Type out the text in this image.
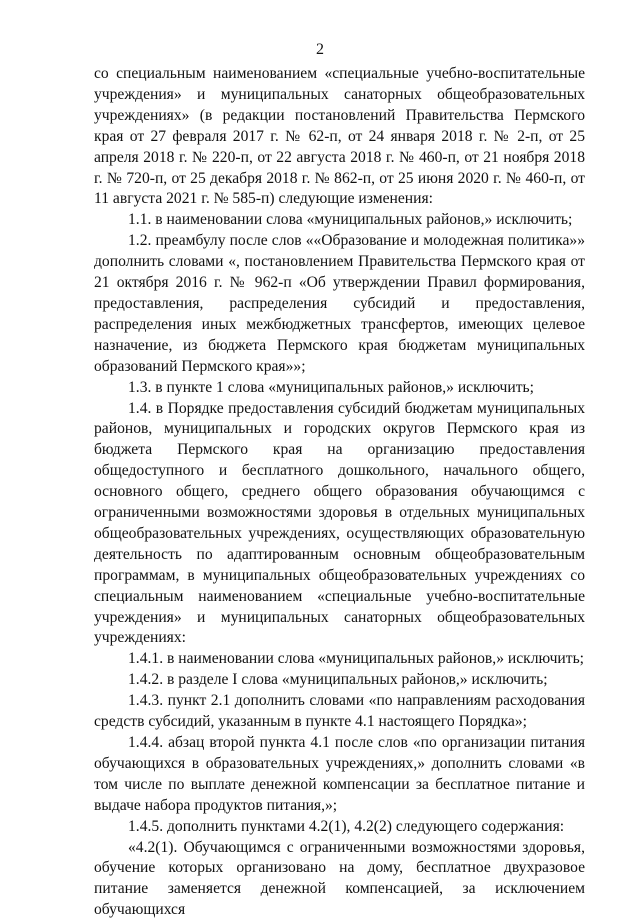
2

со специальным наименованием «специальные учебно-воспитательные учреждения» и муниципальных санаторных общеобразовательных учреждениях» (в редакции постановлений Правительства Пермского края от 27 февраля 2017 г. № 62-п, от 24 января 2018 г. № 2-п, от 25 апреля 2018 г. № 220-п, от 22 августа 2018 г. № 460-п, от 21 ноября 2018 г. № 720-п, от 25 декабря 2018 г. № 862-п, от 25 июня 2020 г. № 460-п, от 11 августа 2021 г. № 585-п) следующие изменения:

1.1. в наименовании слова «муниципальных районов,» исключить;

1.2. преамбулу после слов ««Образование и молодежная политика»» дополнить словами «, постановлением Правительства Пермского края от 21 октября 2016 г. № 962-п «Об утверждении Правил формирования, предоставления, распределения субсидий и предоставления, распределения иных межбюджетных трансфертов, имеющих целевое назначение, из бюджета Пермского края бюджетам муниципальных образований Пермского края»»;

1.3. в пункте 1 слова «муниципальных районов,» исключить;

1.4. в Порядке предоставления субсидий бюджетам муниципальных районов, муниципальных и городских округов Пермского края из бюджета Пермского края на организацию предоставления общедоступного и бесплатного дошкольного, начального общего, основного общего, среднего общего образования обучающимся с ограниченными возможностями здоровья в отдельных муниципальных общеобразовательных учреждениях, осуществляющих образовательную деятельность по адаптированным основным общеобразовательным программам, в муниципальных общеобразовательных учреждениях со специальным наименованием «специальные учебно-воспитательные учреждения» и муниципальных санаторных общеобразовательных учреждениях:

1.4.1. в наименовании слова «муниципальных районов,» исключить;

1.4.2. в разделе I слова «муниципальных районов,» исключить;

1.4.3. пункт 2.1 дополнить словами «по направлениям расходования средств субсидий, указанным в пункте 4.1 настоящего Порядка»;

1.4.4. абзац второй пункта 4.1 после слов «по организации питания обучающихся в образовательных учреждениях,» дополнить словами «в том числе по выплате денежной компенсации за бесплатное питание и выдаче набора продуктов питания,»;

1.4.5. дополнить пунктами 4.2(1), 4.2(2) следующего содержания:

«4.2(1). Обучающимся с ограниченными возможностями здоровья, обучение которых организовано на дому, бесплатное двухразовое питание заменяется денежной компенсацией, за исключением обучающихся
